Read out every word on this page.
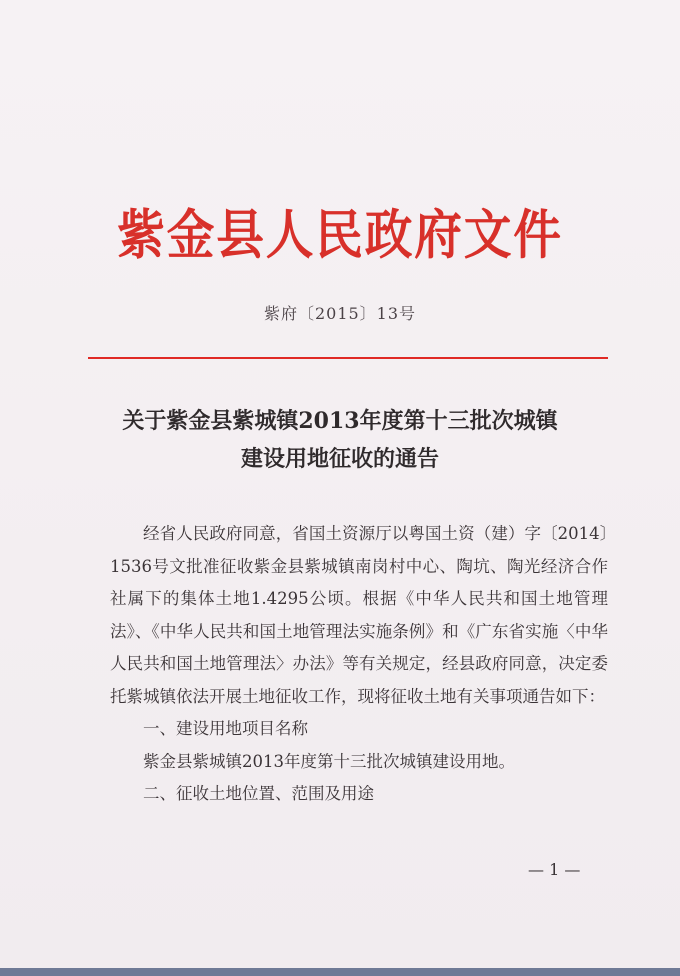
紫金县人民政府文件
紫府〔2015〕13号
关于紫金县紫城镇2013年度第十三批次城镇
建设用地征收的通告

经省人民政府同意，省国土资源厅以粤国土资（建）字〔2014〕1536号文批准征收紫金县紫城镇南岗村中心、陶坑、陶光经济合作社属下的集体土地1.4295公顷。根据《中华人民共和国土地管理法》、《中华人民共和国土地管理法实施条例》和《广东省实施〈中华人民共和国土地管理法〉办法》等有关规定，经县政府同意，决定委托紫城镇依法开展土地征收工作，现将征收土地有关事项通告如下：

一、建设用地项目名称

紫金县紫城镇2013年度第十三批次城镇建设用地。

二、征收土地位置、范围及用途

— 1 —
